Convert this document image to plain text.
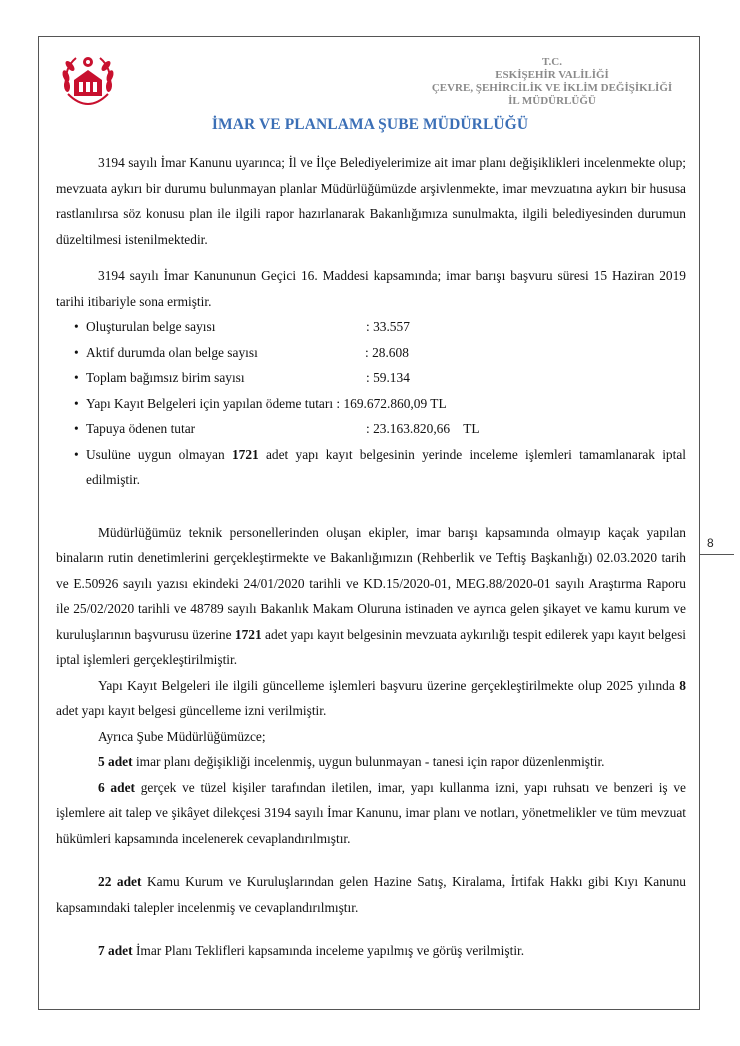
T.C.
ESKİŞEHİR VALİLİĞİ
ÇEVRE, ŞEHİRCİLİK VE İKLİM DEĞİŞİKLİĞİ
İL MÜDÜRLÜĞÜ
İMAR VE PLANLAMA ŞUBE MÜDÜRLÜĞÜ

3194 sayılı İmar Kanunu uyarınca; İl ve İlçe Belediyelerimize ait imar planı değişiklikleri incelenmekte olup; mevzuata aykırı bir durumu bulunmayan planlar Müdürlüğümüzde arşivlenmekte, imar mevzuatına aykırı bir hususa rastlanılırsa söz konusu plan ile ilgili rapor hazırlanarak Bakanlığımıza sunulmakta, ilgili belediyesinden durumun düzeltilmesi istenilmektedir.

3194 sayılı İmar Kanununun Geçici 16. Maddesi kapsamında; imar barışı başvuru süresi 15 Haziran 2019 tarihi itibariyle sona ermiştir.

• Oluşturulan belge sayısı	: 33.557
• Aktif durumda olan belge sayısı	: 28.608
• Toplam bağımsız birim sayısı	: 59.134
• Yapı Kayıt Belgeleri için yapılan ödeme tutarı : 169.672.860,09 TL
• Tapuya ödenen tutar	: 23.163.820,66    TL
• Usulüne uygun olmayan 1721 adet yapı kayıt belgesinin yerinde inceleme işlemleri tamamlanarak iptal edilmiştir.

Müdürlüğümüz teknik personellerinden oluşan ekipler, imar barışı kapsamında olmayıp kaçak yapılan binaların rutin denetimlerini gerçekleştirmekte ve Bakanlığımızın (Rehberlik ve Teftiş Başkanlığı) 02.03.2020 tarih ve E.50926 sayılı yazısı ekindeki 24/01/2020 tarihli ve KD.15/2020-01, MEG.88/2020-01 sayılı Araştırma Raporu ile 25/02/2020 tarihli ve 48789 sayılı Bakanlık Makam Oluruna istinaden ve ayrıca gelen şikayet ve kamu kurum ve kuruluşlarının başvurusu üzerine 1721 adet yapı kayıt belgesinin mevzuata aykırılığı tespit edilerek yapı kayıt belgesi iptal işlemleri gerçekleştirilmiştir.

Yapı Kayıt Belgeleri ile ilgili güncelleme işlemleri başvuru üzerine gerçekleştirilmekte olup 2025 yılında 8 adet yapı kayıt belgesi güncelleme izni verilmiştir.

Ayrıca Şube Müdürlüğümüzce;

5 adet imar planı değişikliği incelenmiş, uygun bulunmayan - tanesi için rapor düzenlenmiştir.

6 adet gerçek ve tüzel kişiler tarafından iletilen, imar, yapı kullanma izni, yapı ruhsatı ve benzeri iş ve işlemlere ait talep ve şikâyet dilekçesi 3194 sayılı İmar Kanunu, imar planı ve notları, yönetmelikler ve tüm mevzuat hükümleri kapsamında incelenerek cevaplandırılmıştır.

22 adet Kamu Kurum ve Kuruluşlarından gelen Hazine Satış, Kiralama, İrtifak Hakkı gibi Kıyı Kanunu kapsamındaki talepler incelenmiş ve cevaplandırılmıştır.

7 adet İmar Planı Teklifleri kapsamında inceleme yapılmış ve görüş verilmiştir.

8
